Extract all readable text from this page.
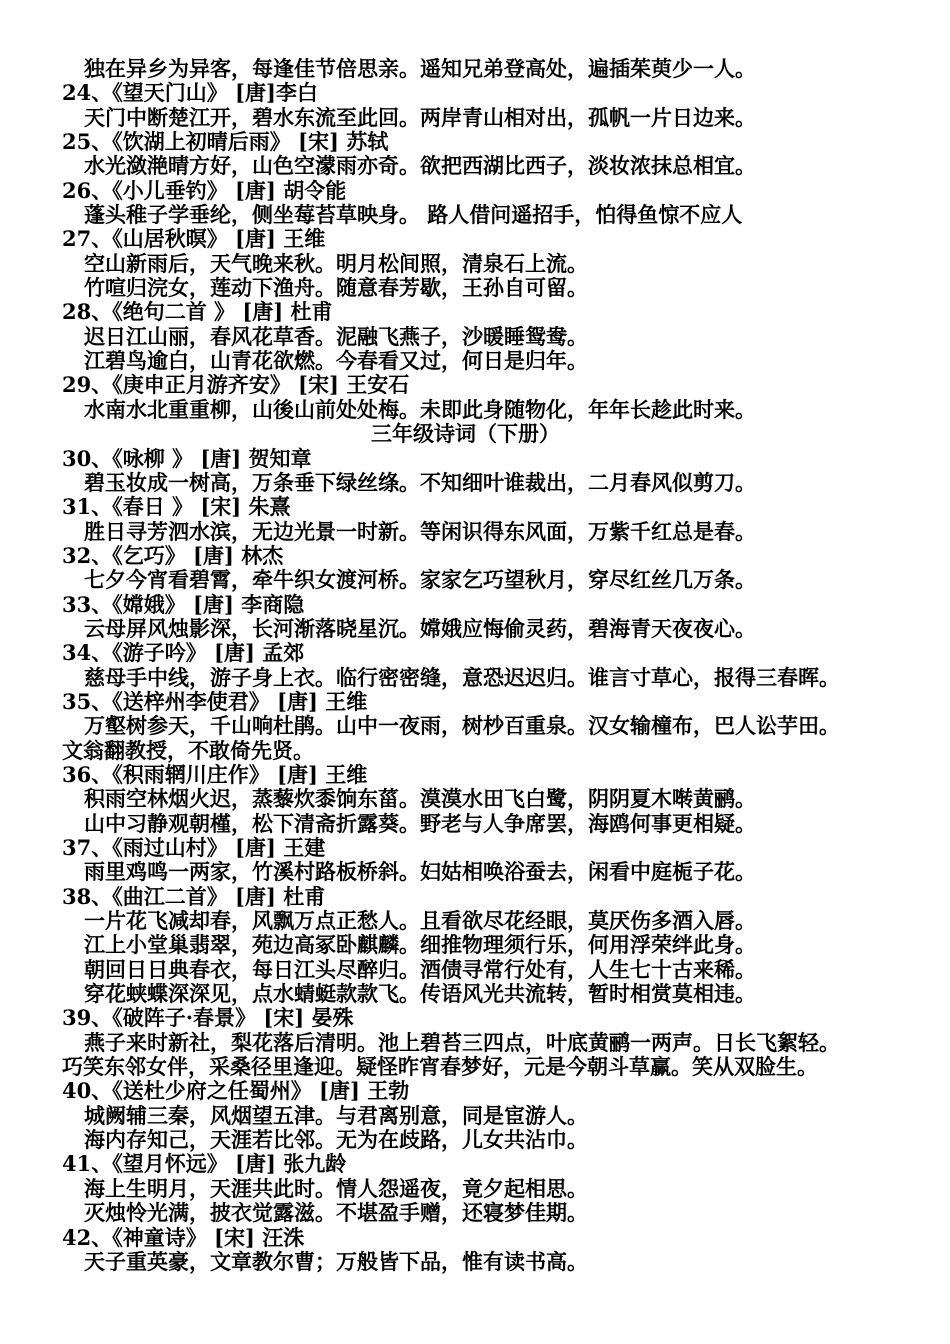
独在异乡为异客，每逢佳节倍思亲。遥知兄弟登高处，遍插茱萸少一人。
24、《望天门山》 [唐]李白
天门中断楚江开，碧水东流至此回。两岸青山相对出，孤帆一片日边来。
25、《饮湖上初晴后雨》 [宋] 苏轼
水光潋滟晴方好，山色空濛雨亦奇。欲把西湖比西子，淡妆浓抹总相宜。
26、《小儿垂钓》 [唐] 胡令能
蓬头稚子学垂纶，侧坐莓苔草映身。 路人借问遥招手，怕得鱼惊不应人
27、《山居秋暝》 [唐] 王维
空山新雨后，天气晚来秋。明月松间照，清泉石上流。
竹喧归浣女，莲动下渔舟。随意春芳歇，王孙自可留。
28、《绝句二首 》 [唐] 杜甫
迟日江山丽，春风花草香。泥融飞燕子，沙暖睡鸳鸯。
江碧鸟逾白，山青花欲燃。今春看又过，何日是归年。
29、《庚申正月游齐安》 [宋] 王安石
水南水北重重柳，山後山前处处梅。未即此身随物化，年年长趁此时来。
三年级诗词（下册）
30、《咏柳 》 [唐] 贺知章
碧玉妆成一树高，万条垂下绿丝绦。不知细叶谁裁出，二月春风似剪刀。
31、《春日 》 [宋] 朱熹
胜日寻芳泗水滨，无边光景一时新。等闲识得东风面，万紫千红总是春。
32、《乞巧》 [唐] 林杰
七夕今宵看碧霄，牵牛织女渡河桥。家家乞巧望秋月，穿尽红丝几万条。
33、《嫦娥》 [唐] 李商隐
云母屏风烛影深，长河渐落晓星沉。嫦娥应悔偷灵药，碧海青天夜夜心。
34、《游子吟》 [唐] 孟郊
慈母手中线，游子身上衣。临行密密缝，意恐迟迟归。谁言寸草心，报得三春晖。
35、《送梓州李使君》 [唐] 王维
万壑树参天，千山响杜鹃。山中一夜雨，树杪百重泉。汉女输橦布，巴人讼芋田。
文翁翻教授，不敢倚先贤。
36、《积雨辋川庄作》 [唐] 王维
积雨空林烟火迟，蒸藜炊黍饷东菑。漠漠水田飞白鹭，阴阴夏木啭黄鹂。
山中习静观朝槿，松下清斋折露葵。野老与人争席罢，海鸥何事更相疑。
37、《雨过山村》 [唐] 王建
雨里鸡鸣一两家，竹溪村路板桥斜。妇姑相唤浴蚕去，闲看中庭栀子花。
38、《曲江二首》 [唐] 杜甫
一片花飞减却春，风飘万点正愁人。且看欲尽花经眼，莫厌伤多酒入唇。
江上小堂巢翡翠，苑边高冢卧麒麟。细推物理须行乐，何用浮荣绊此身。
朝回日日典春衣，每日江头尽醉归。酒债寻常行处有，人生七十古来稀。
穿花蛱蝶深深见，点水蜻蜓款款飞。传语风光共流转，暂时相赏莫相违。
39、《破阵子·春景》 [宋] 晏殊
燕子来时新社，梨花落后清明。池上碧苔三四点，叶底黄鹂一两声。日长飞絮轻。
巧笑东邻女伴，采桑径里逢迎。疑怪昨宵春梦好，元是今朝斗草赢。笑从双脸生。
40、《送杜少府之任蜀州》 [唐] 王勃
城阙辅三秦，风烟望五津。与君离别意，同是宦游人。
海内存知己，天涯若比邻。无为在歧路，儿女共沾巾。
41、《望月怀远》 [唐] 张九龄
海上生明月，天涯共此时。情人怨遥夜，竟夕起相思。
灭烛怜光满，披衣觉露滋。不堪盈手赠，还寝梦佳期。
42、《神童诗》 [宋] 汪洙
天子重英豪，文章教尔曹；万般皆下品，惟有读书高。
